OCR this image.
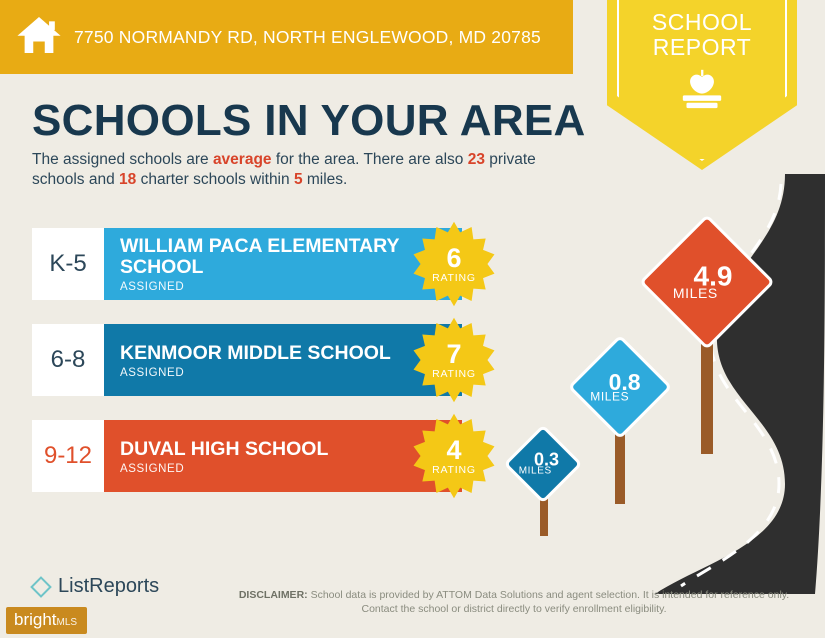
7750 NORMANDY RD, NORTH ENGLEWOOD, MD 20785
SCHOOL
REPORT
SCHOOLS IN YOUR AREA
The assigned schools are average for the area. There are also 23 private schools and 18 charter schools within 5 miles.
K-5
WILLIAM PACA ELEMENTARY SCHOOL
ASSIGNED
6
RATING
6-8 KENMOOR MIDDLE SCHOOL
ASSIGNED
7
RATING
9-12 DUVAL HIGH SCHOOL
ASSIGNED
4
RATING
0.3
MILES
0.8
MILES
4.9
MILES
DISCLAIMER: School data is provided by ATTOM Data Solutions and agent selection. It is intended for reference only. Contact the school or district directly to verify enrollment eligibility.
ListReports
brightMLS
